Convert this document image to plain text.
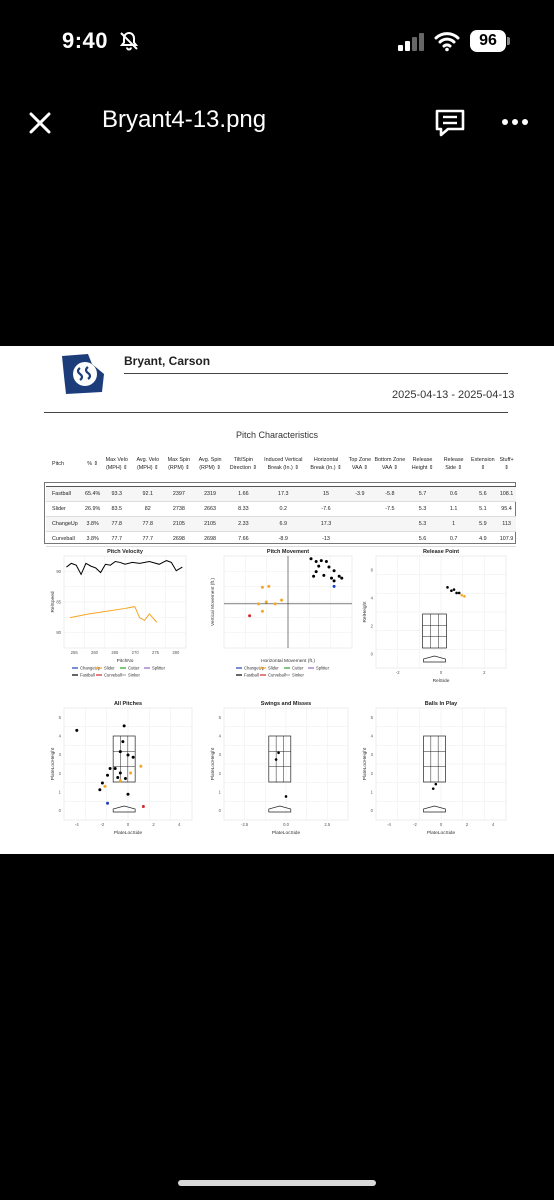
9:40	96
Bryant4-13.png
Bryant, Carson
2025-04-13 - 2025-04-13
Pitch Characteristics
Pitch	% ⇕	Max Velo (MPH) ⇕	Avg. Velo (MPH) ⇕	Max Spin (RPM) ⇕	Avg. Spin (RPM) ⇕	Tilt/Spin Direction ⇕	Induced Vertical Break (In.) ⇕	Horizontal Break (In.) ⇕	Top Zone VAA ⇕	Bottom Zone VAA ⇕	Release Height ⇕	Release Side ⇕	Extension ⇕	Stuff+ ⇕
Fastball	65.4%	93.3	92.1	2397	2319	1.66	17.3	15	-3.9	-5.8	5.7	0.6	5.6	108.1
Slider	26.9%	83.5	82	2738	2663	8.33	0.2	-7.6		-7.5	5.3	1.1	5.1	95.4
ChangeUp	3.8%	77.8	77.8	2105	2105	2.33	6.9	17.3			5.3	1	5.9	113
Curveball	3.8%	77.7	77.7	2698	2698	7.66	-8.9	-13			5.6	0.7	4.9	107.9
Pitch Velocity
PitchNo
RelSpeed
255	260	265	270	275	280
80
85
90
ChangeUp Slider	Cutter	Splitter
Fastball Curveball Sinker
Pitch Movement
Horizontal Movement (ft.)
Vertical Movement (ft.)
ChangeUp Slider	Cutter	Splitter
Fastball Curveball Sinker
Release Point
RelSide
RelHeight
-2	0	2
0
2
4
6
All Pitches
PlateLocSide
PlateLocHeight
-4	-2	0	2	4
0
1
2
3
4
5
Swings and Misses
PlateLocSide
PlateLocHeight
-2.5	0.0	2.5
0
1
2
3
4
5
Balls In Play
PlateLocSide
PlateLocHeight
-4	-2	0	2	4
0
1
2
3
4
5
